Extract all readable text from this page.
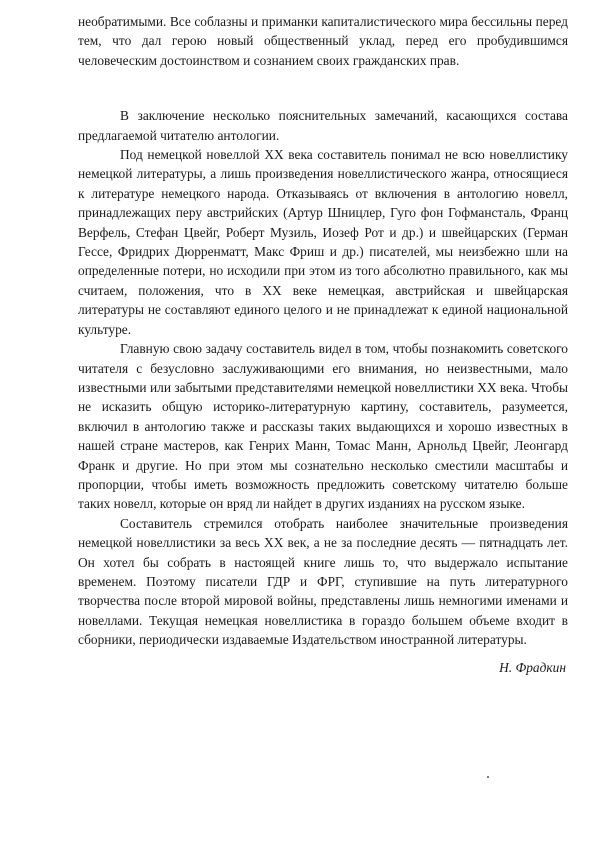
необратимыми. Все соблазны и приманки капиталистического мира бессильны перед тем, что дал герою новый общественный уклад, перед его пробудившимся человеческим достоинством и сознанием своих гражданских прав.

В заключение несколько пояснительных замечаний, касающихся состава предлагаемой читателю антологии.

Под немецкой новеллой XX века составитель понимал не всю новеллистику немецкой литературы, а лишь произведения новеллистического жанра, относящиеся к литературе немецкого народа. Отказываясь от включения в антологию новелл, принадлежащих перу австрийских (Артур Шницлер, Гуго фон Гофмансталь, Франц Верфель, Стефан Цвейг, Роберт Музиль, Иозеф Рот и др.) и швейцарских (Герман Гессе, Фридрих Дюрренматт, Макс Фриш и др.) писателей, мы неизбежно шли на определенные потери, но исходили при этом из того абсолютно правильного, как мы считаем, положения, что в XX веке немецкая, австрийская и швейцарская литературы не составляют единого целого и не принадлежат к единой национальной культуре.

Главную свою задачу составитель видел в том, чтобы познакомить советского читателя с безусловно заслуживающими его внимания, но неизвестными, мало известными или забытыми представителями немецкой новеллистики XX века. Чтобы не исказить общую историко-литературную картину, составитель, разумеется, включил в антологию также и рассказы таких выдающихся и хорошо известных в нашей стране мастеров, как Генрих Манн, Томас Манн, Арнольд Цвейг, Леонгард Франк и другие. Но при этом мы сознательно несколько сместили масштабы и пропорции, чтобы иметь возможность предложить советскому читателю больше таких новелл, которые он вряд ли найдет в других изданиях на русском языке.

Составитель стремился отобрать наиболее значительные произведения немецкой новеллистики за весь XX век, а не за последние десять — пятнадцать лет. Он хотел бы собрать в настоящей книге лишь то, что выдержало испытание временем. Поэтому писатели ГДР и ФРГ, ступившие на путь литературного творчества после второй мировой войны, представлены лишь немногими именами и новеллами. Текущая немецкая новеллистика в гораздо большем объеме входит в сборники, периодически издаваемые Издательством иностранной литературы.

Н. Фрадкин
